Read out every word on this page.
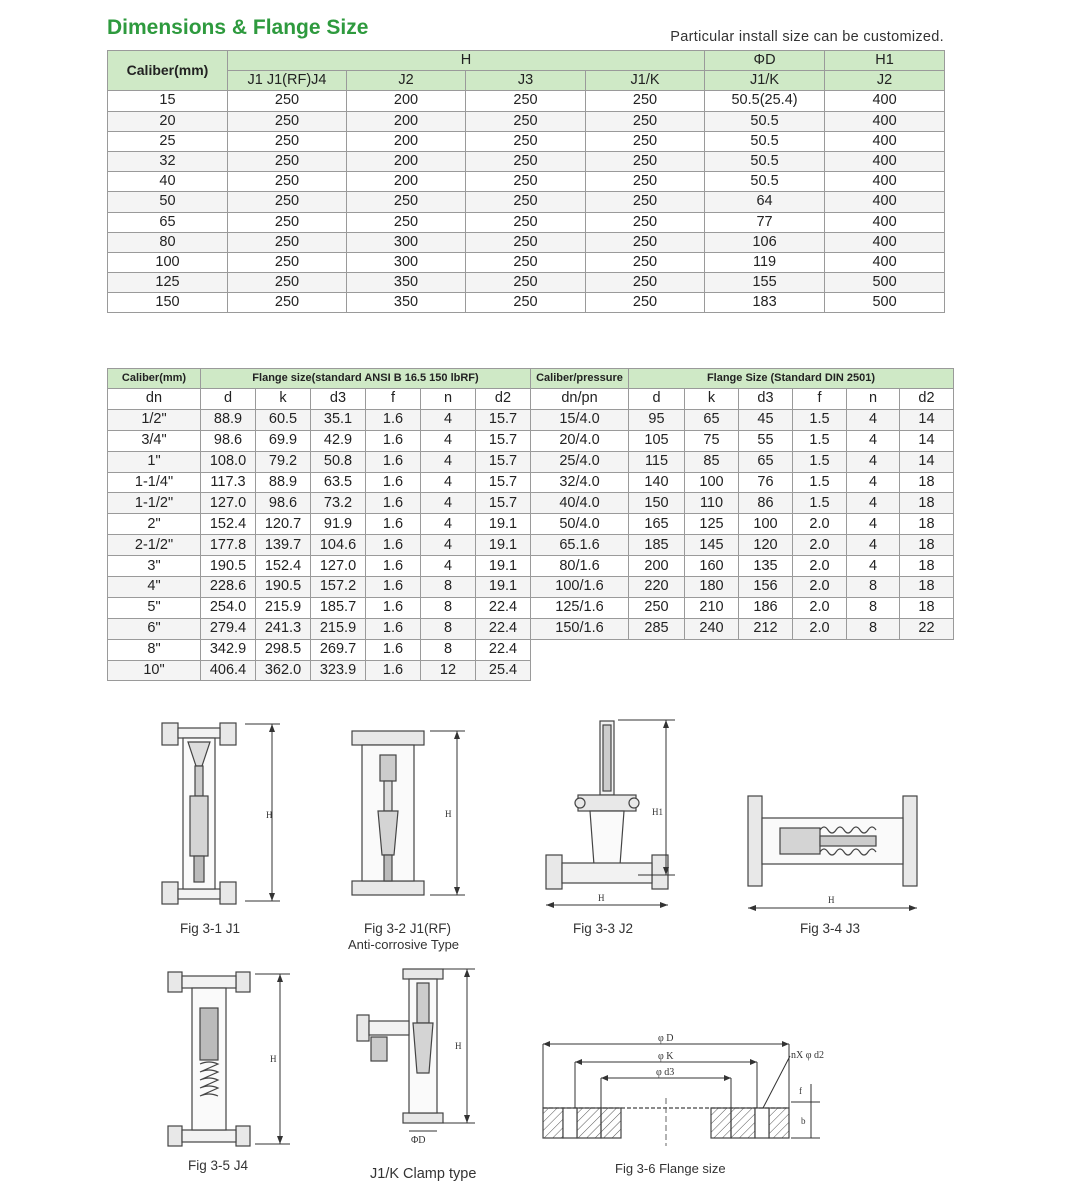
Dimensions & Flange Size	Particular install size can be customized.
Caliber(mm)	H				ΦD	H1
	J1 J1(RF)J4	J2	J3	J1/K	J1/K	J2
15	250	200	250	250	50.5(25.4)	400
20	250	200	250	250	50.5	400
25	250	200	250	250	50.5	400
32	250	200	250	250	50.5	400
40	250	200	250	250	50.5	400
50	250	250	250	250	64	400
65	250	250	250	250	77	400
80	250	300	250	250	106	400
100	250	300	250	250	119	400
125	250	350	250	250	155	500
150	250	350	250	250	183	500
Caliber(mm)	Flange size(standard ANSI B 16.5 150 lbRF)						Caliber/pressure	Flange Size (Standard DIN 2501)					
dn	d	k	d3	f	n	d2	dn/pn	d	k	d3	f	n	d2
1/2"	88.9	60.5	35.1	1.6	4	15.7	15/4.0	95	65	45	1.5	4	14
3/4"	98.6	69.9	42.9	1.6	4	15.7	20/4.0	105	75	55	1.5	4	14
1"	108.0	79.2	50.8	1.6	4	15.7	25/4.0	115	85	65	1.5	4	14
1-1/4"	117.3	88.9	63.5	1.6	4	15.7	32/4.0	140	100	76	1.5	4	18
1-1/2"	127.0	98.6	73.2	1.6	4	15.7	40/4.0	150	110	86	1.5	4	18
2"	152.4	120.7	91.9	1.6	4	19.1	50/4.0	165	125	100	2.0	4	18
2-1/2"	177.8	139.7	104.6	1.6	4	19.1	65.1.6	185	145	120	2.0	4	18
3"	190.5	152.4	127.0	1.6	4	19.1	80/1.6	200	160	135	2.0	4	18
4"	228.6	190.5	157.2	1.6	8	19.1	100/1.6	220	180	156	2.0	8	18
5"	254.0	215.9	185.7	1.6	8	22.4	125/1.6	250	210	186	2.0	8	18
6"	279.4	241.3	215.9	1.6	8	22.4	150/1.6	285	240	212	2.0	8	22
8"	342.9	298.5	269.7	1.6	8	22.4							
10"	406.4	362.0	323.9	1.6	12	25.4							
H
Fig 3-1 J1
H
Fig 3-2 J1(RF)
Anti-corrosive Type
H1
H
Fig 3-3 J2
H
Fig 3-4 J3
H
Fig 3-5 J4
H
ΦD
J1/K Clamp type
φ D
φ K
φ d3
nX φ d2
f
b
Fig 3-6 Flange size
